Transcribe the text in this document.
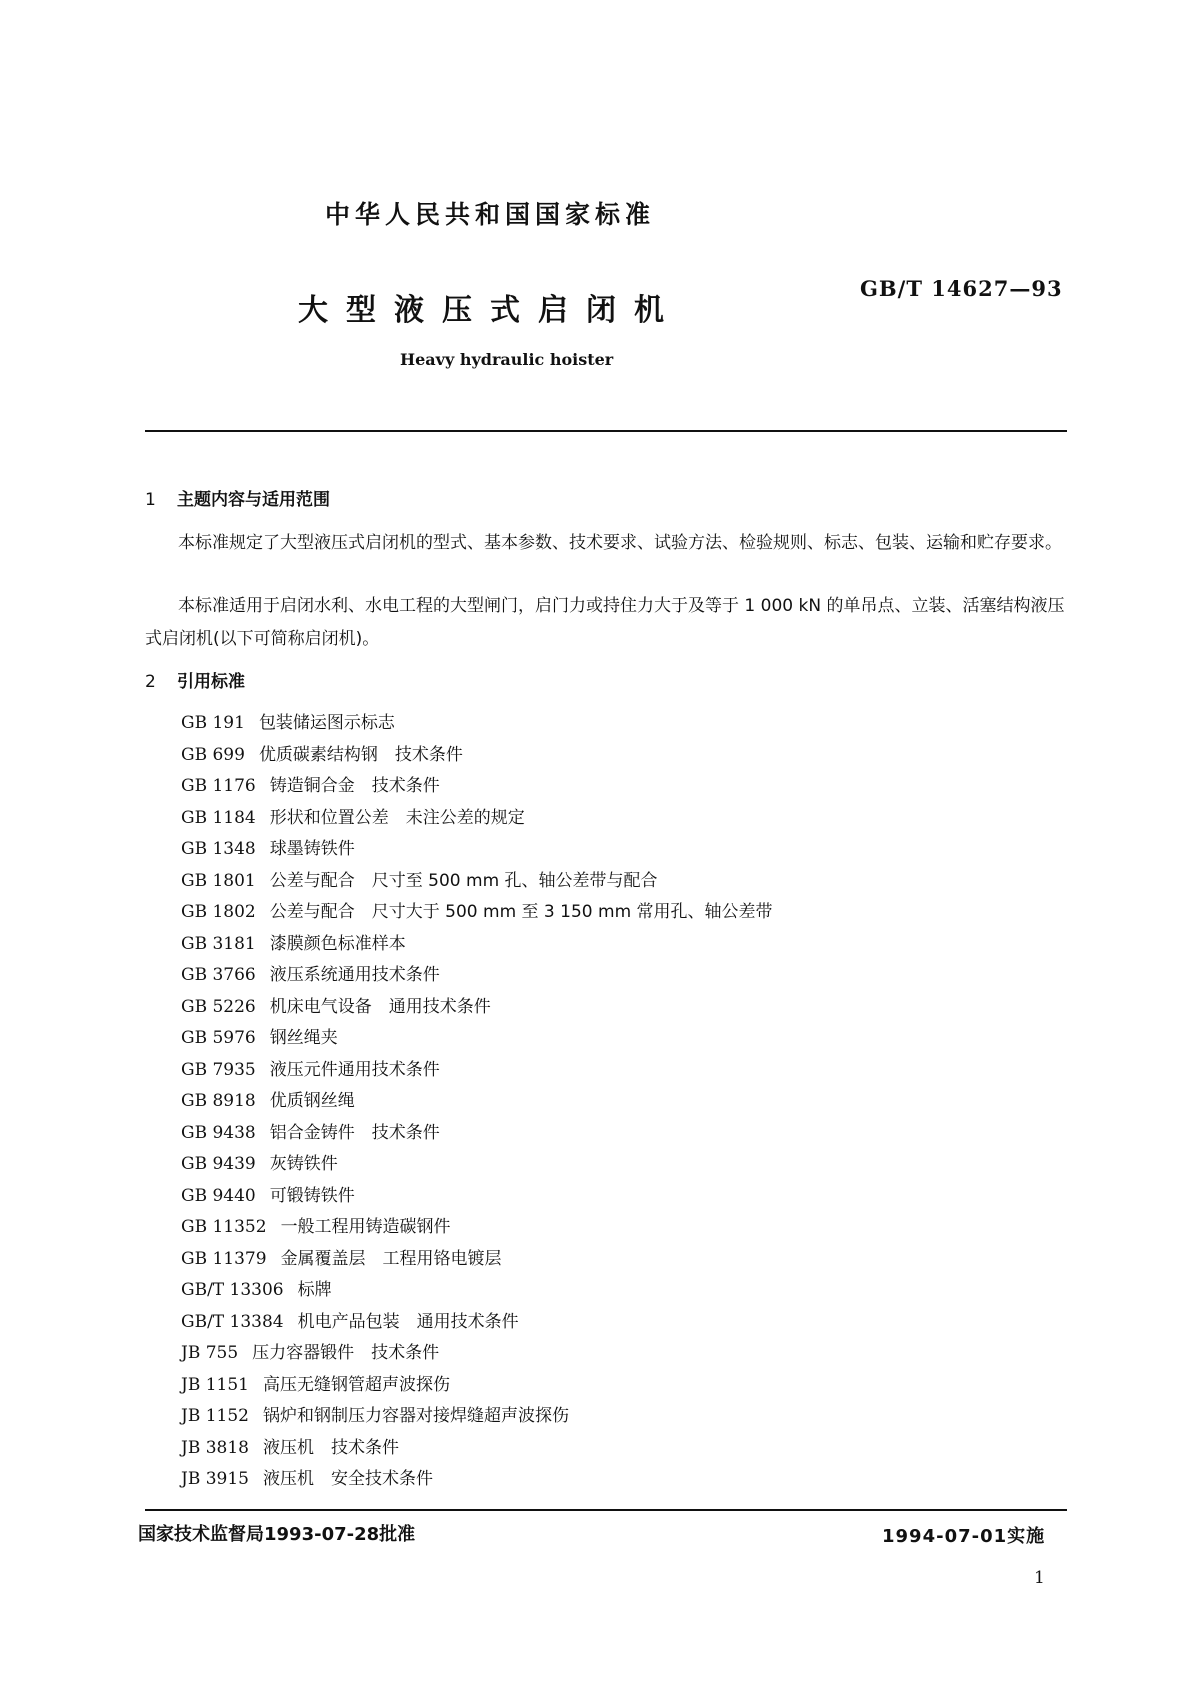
中华人民共和国国家标准
大型液压式启闭机
GB/T 14627—93
Heavy hydraulic hoister
1 主题内容与适用范围
本标准规定了大型液压式启闭机的型式、基本参数、技术要求、试验方法、检验规则、标志、包装、运输和贮存要求。
本标准适用于启闭水利、水电工程的大型闸门，启门力或持住力大于及等于 1 000 kN 的单吊点、立装、活塞结构液压式启闭机(以下可简称启闭机)。
2 引用标准
GB 191 包装储运图示标志
GB 699 优质碳素结构钢　技术条件
GB 1176 铸造铜合金　技术条件
GB 1184 形状和位置公差　未注公差的规定
GB 1348 球墨铸铁件
GB 1801 公差与配合　尺寸至 500 mm 孔、轴公差带与配合
GB 1802 公差与配合　尺寸大于 500 mm 至 3 150 mm 常用孔、轴公差带
GB 3181 漆膜颜色标准样本
GB 3766 液压系统通用技术条件
GB 5226 机床电气设备　通用技术条件
GB 5976 钢丝绳夹
GB 7935 液压元件通用技术条件
GB 8918 优质钢丝绳
GB 9438 铝合金铸件　技术条件
GB 9439 灰铸铁件
GB 9440 可锻铸铁件
GB 11352 一般工程用铸造碳钢件
GB 11379 金属覆盖层　工程用铬电镀层
GB/T 13306 标牌
GB/T 13384 机电产品包装　通用技术条件
JB 755 压力容器锻件　技术条件
JB 1151 高压无缝钢管超声波探伤
JB 1152 锅炉和钢制压力容器对接焊缝超声波探伤
JB 3818 液压机　技术条件
JB 3915 液压机　安全技术条件
国家技术监督局1993-07-28批准	1994-07-01实施
1
